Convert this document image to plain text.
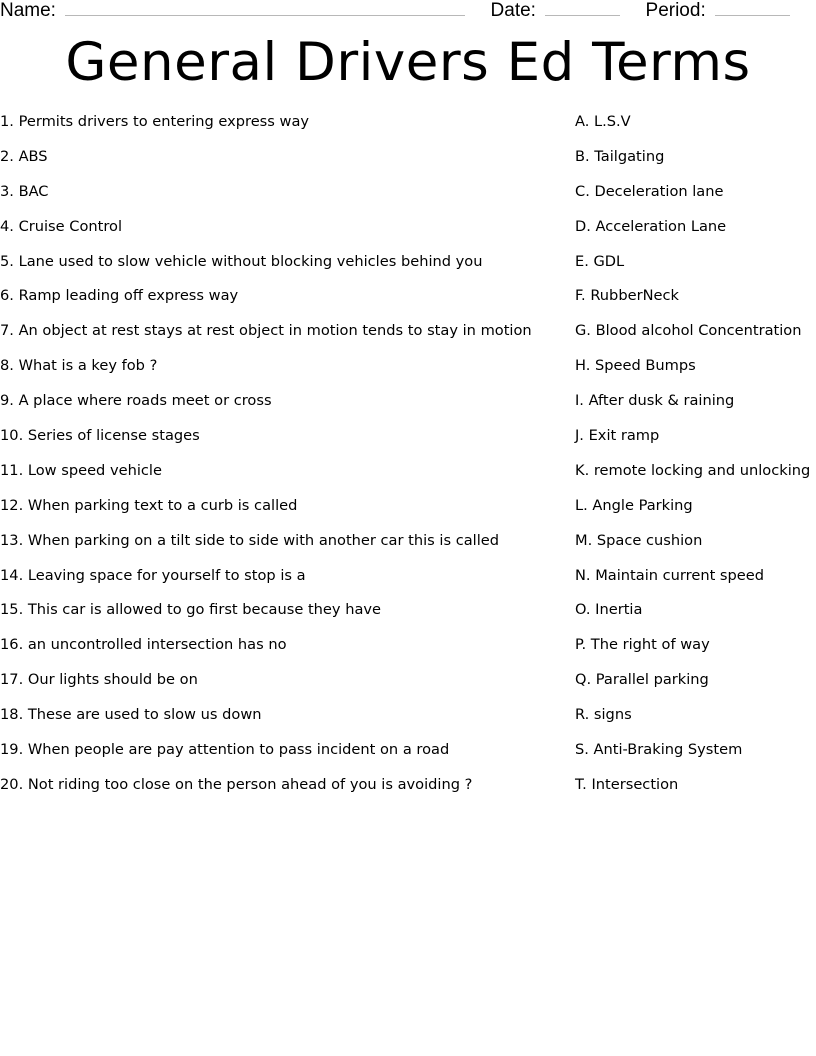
Name:	Date:	Period:
General Drivers Ed Terms
1. Permits drivers to entering express way
2. ABS
3. BAC
4. Cruise Control
5. Lane used to slow vehicle without blocking vehicles behind you
6. Ramp leading off express way
7. An object at rest stays at rest object in motion tends to stay in motion
8. What is a key fob ?
9. A place where roads meet or cross
10. Series of license stages
11. Low speed vehicle
12. When parking text to a curb is called
13. When parking on a tilt side to side with another car this is called
14. Leaving space for yourself to stop is a
15. This car is allowed to go first because they have
16. an uncontrolled intersection has no
17. Our lights should be on
18. These are used to slow us down
19. When people are pay attention to pass incident on a road
20. Not riding too close on the person ahead of you is avoiding ?
A. L.S.V
B. Tailgating
C. Deceleration lane
D. Acceleration Lane
E. GDL
F. RubberNeck
G. Blood alcohol Concentration
H. Speed Bumps
I. After dusk & raining
J. Exit ramp
K. remote locking and unlocking
L. Angle Parking
M. Space cushion
N. Maintain current speed
O. Inertia
P. The right of way
Q. Parallel parking
R. signs
S. Anti-Braking System
T. Intersection
